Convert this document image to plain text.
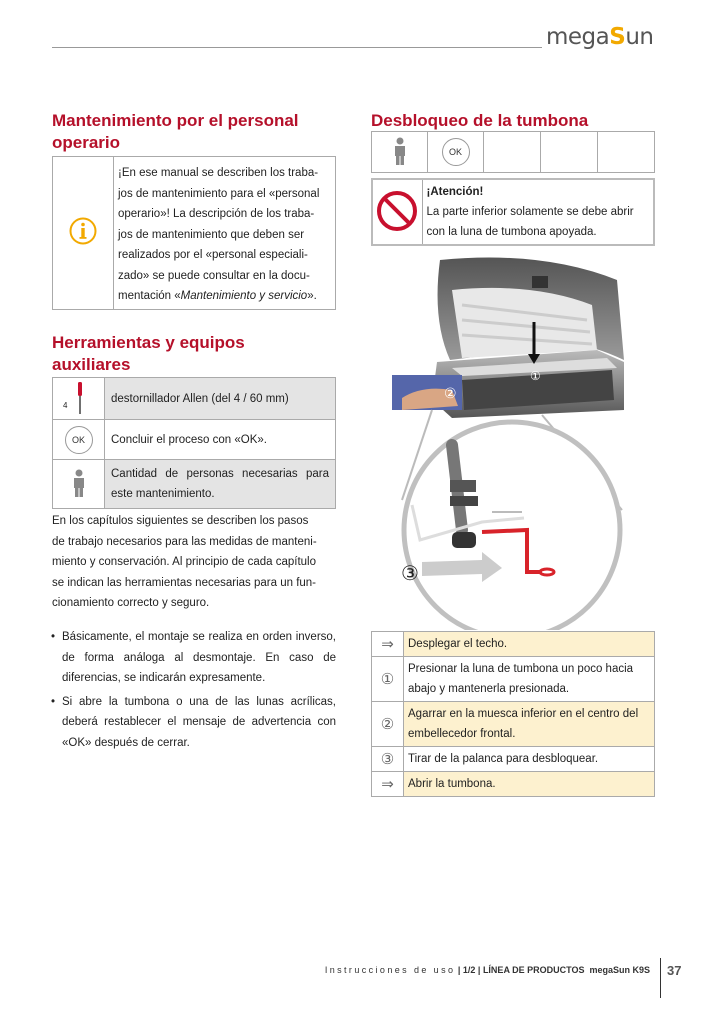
megaSun
Mantenimiento por el personal
operario

¡En ese manual se describen los traba-
jos de mantenimiento para el «personal
operario»! La descripción de los traba-
jos de mantenimiento que deben ser
realizados por el «personal especiali-
zado» se puede consultar en la docu-
mentación «Mantenimiento y servicio».
Herramientas y equipos
auxiliares
4	destornillador Allen (del 4 / 60 mm)
OK	Concluir el proceso con «OK».
	Cantidad de personas necesarias para este mantenimiento.
En los capítulos siguientes se describen los pasos
de trabajo necesarios para las medidas de manteni-
miento y conservación. Al principio de cada capítulo
se indican las herramientas necesarias para un fun-
cionamiento correcto y seguro.
• Básicamente, el montaje se realiza en orden inverso, de forma análoga al desmontaje. En caso de diferencias, se indicarán expresamente.
• Si abre la tumbona o una de las lunas acrílicas, deberá restablecer el mensaje de advertencia con «OK» después de cerrar.
Desbloqueo de la tumbona
	OK			

¡Atención!
La parte inferior solamente se debe abrir
con la luna de tumbona apoyada.
①
②
③
⇒	Desplegar el techo.
①	Presionar la luna de tumbona un poco hacia abajo y mantenerla presionada.
②	Agarrar en la muesca inferior en el centro del embellecedor frontal.
③	Tirar de la palanca para desbloquear.
⇒	Abrir la tumbona.
Instrucciones de uso | 1/2 | LÍNEA DE PRODUCTOS megaSun K9S 37
